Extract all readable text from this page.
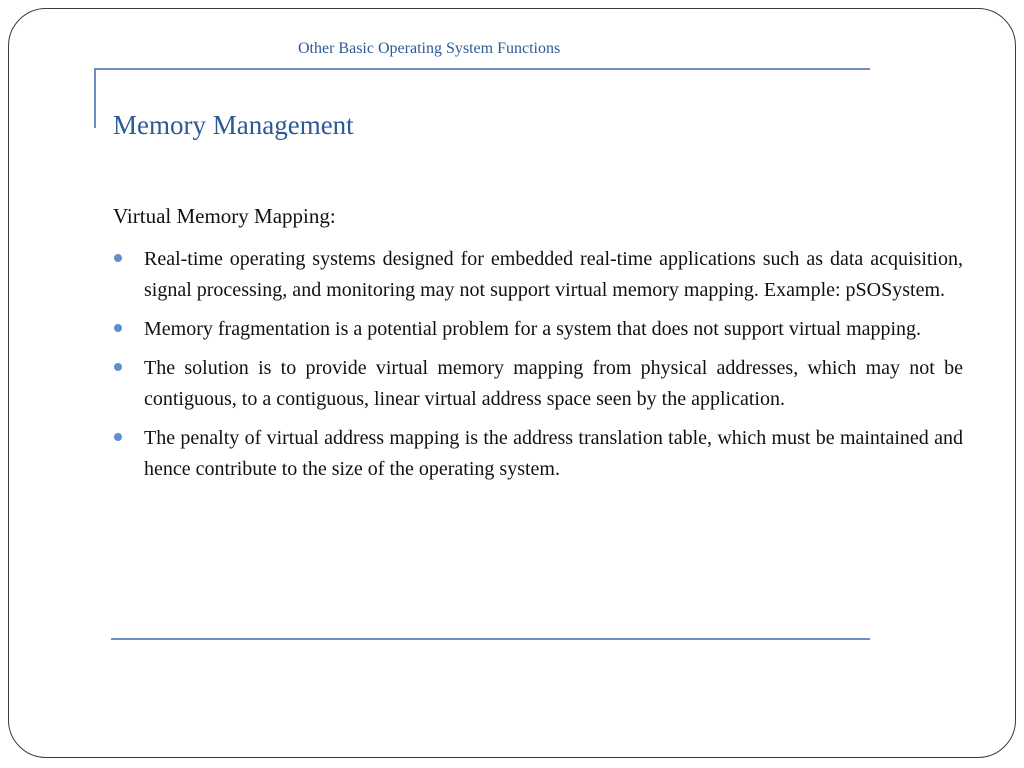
Other Basic Operating System Functions
Memory Management
Virtual Memory Mapping:
Real-time operating systems designed for embedded real-time applications such as data acquisition, signal processing, and monitoring may not support virtual memory mapping. Example: pSOSystem.
Memory fragmentation is a potential problem for a system that does not support virtual mapping.
The solution is to provide virtual memory mapping from physical addresses, which may not be contiguous, to a contiguous, linear virtual address space seen by the application.
The penalty of virtual address mapping is the address translation table, which must be maintained and hence contribute to the size of the operating system.
